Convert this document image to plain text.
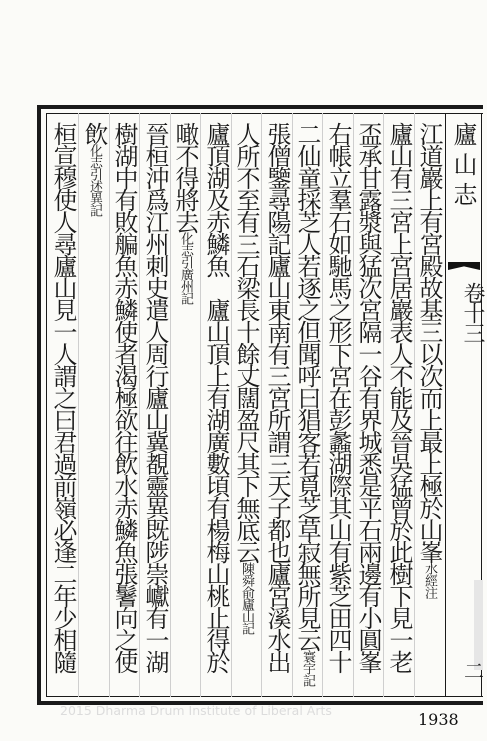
廬山志
卷十三
二
江道巖上有宮殿故基三以次而上最上極於山峯水經注
廬山有三宮上宮居巖表人不能及晉吳猛曾於此樹下見一老
盃承甘露漿與猛次宮隔一谷有界城悉是平石兩邊有小圓峯
右帳立羣石如馳馬之形下宮在彭蠡湖際其山有紫芝田四十
二仙童採芝人若逐之但聞呼曰猖客若覓芝草寂無所見云寰宇記
張僧鑒尋陽記廬山東南有三宮所謂三天子都也廬宮溪水出
人所不至有三石梁長十餘丈闊盈尺其下無底云陳舜俞廬山記
廬頂湖及赤鱗魚　廬山頂上有湖廣數頃有楊梅山桃止得於
噉不得將去化志引廣州記
晉桓沖爲江州刺史遣人周行廬山冀覩靈異既陟崇巘有一湖
樹湖中有敗艑魚赤鱗使者渴極欲往飲水赤鱗魚張鬐向之使
飲化志引述異記
桓宣穆使人尋廬山見一人謂之曰君過前嶺必逢二年少相隨
2015 Dharma Drum Institute of Liberal Arts	1938
